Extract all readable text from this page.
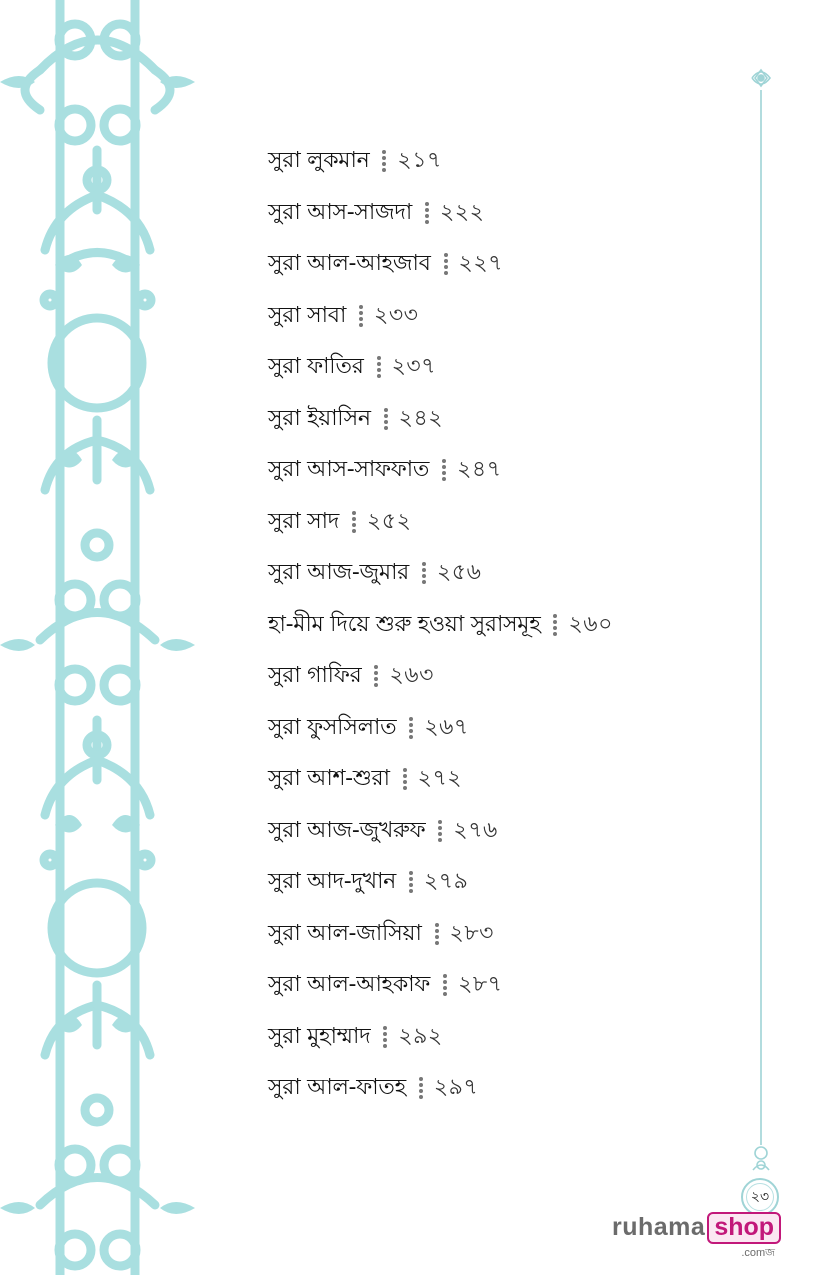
সুরা লুকমান ২১৭
সুরা আস-সাজদা ২২২
সুরা আল-আহজাব ২২৭
সুরা সাবা ২৩৩
সুরা ফাতির ২৩৭
সুরা ইয়াসিন ২৪২
সুরা আস-সাফফাত ২৪৭
সুরা সাদ ২৫২
সুরা আজ-জুমার ২৫৬
হা-মীম দিয়ে শুরু হওয়া সুরাসমূহ ২৬০
সুরা গাফির ২৬৩
সুরা ফুসসিলাত ২৬৭
সুরা আশ-শুরা ২৭২
সুরা আজ-জুখরুফ ২৭৬
সুরা আদ-দুখান ২৭৯
সুরা আল-জাসিয়া ২৮৩
সুরা আল-আহকাফ ২৮৭
সুরা মুহাম্মাদ ২৯২
সুরা আল-ফাতহ ২৯৭
২৩
ruhama shop
.comজ
